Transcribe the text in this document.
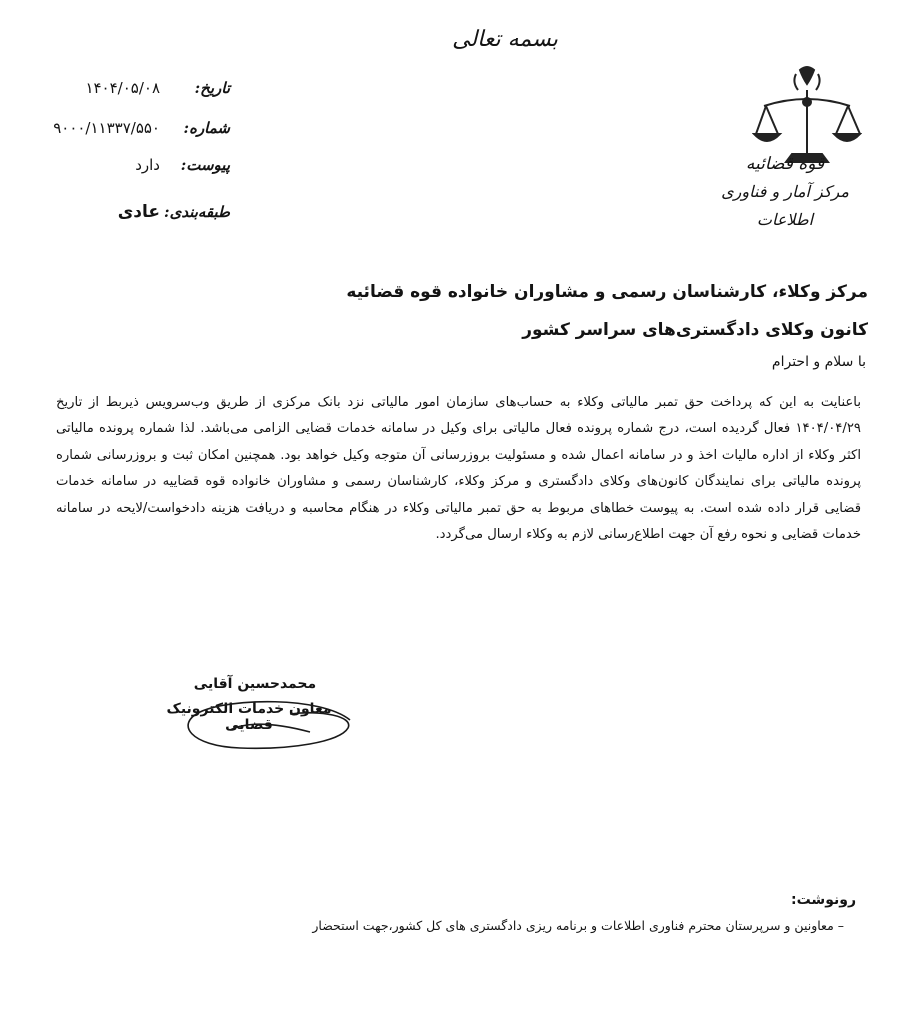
بسمه تعالی
قوه قضائیه
مرکز آمار و فناوری اطلاعات
تاریخ:
۱۴۰۴/۰۵/۰۸
شماره:
۹۰۰۰/۱۱۳۳۷/۵۵۰
پیوست:
دارد
طبقه‌بندی:
عادی
مرکز وکلاء، کارشناسان رسمی و مشاوران خانواده قوه قضائیه
کانون وکلای دادگستری‌های سراسر کشور
با سلام و احترام

باعنایت به این که پرداخت حق تمبر مالیاتی وکلاء به حساب‌های سازمان امور مالیاتی نزد بانک مرکزی از طریق وب‌سرویس ذیربط از تاریخ ۱۴۰۴/۰۴/۲۹ فعال گردیده است، درج شماره پرونده فعال مالیاتی برای وکیل در سامانه خدمات قضایی الزامی می‌باشد. لذا شماره پرونده مالیاتی اکثر وکلاء از اداره مالیات اخذ و در سامانه اعمال شده و مسئولیت بروزرسانی آن متوجه وکیل خواهد بود. همچنین امکان ثبت و بروزرسانی شماره پرونده مالیاتی برای نمایندگان کانون‌های وکلای دادگستری و مرکز وکلاء، کارشناسان رسمی و مشاوران خانواده قوه قضاییه در سامانه خدمات قضایی قرار داده شده است. به پیوست خطاهای مربوط به حق تمبر مالیاتی وکلاء در هنگام محاسبه و دریافت هزینه دادخواست/لایحه در سامانه خدمات قضایی و نحوه رفع آن جهت اطلاع‌رسانی لازم به وکلاء ارسال می‌گردد.

محمدحسین آقایی
معاون خدمات الکترونیک قضایی
رونوشت:
– معاونین و سرپرستان محترم فناوری اطلاعات و برنامه ریزی دادگستری های کل کشور،جهت استحضار
